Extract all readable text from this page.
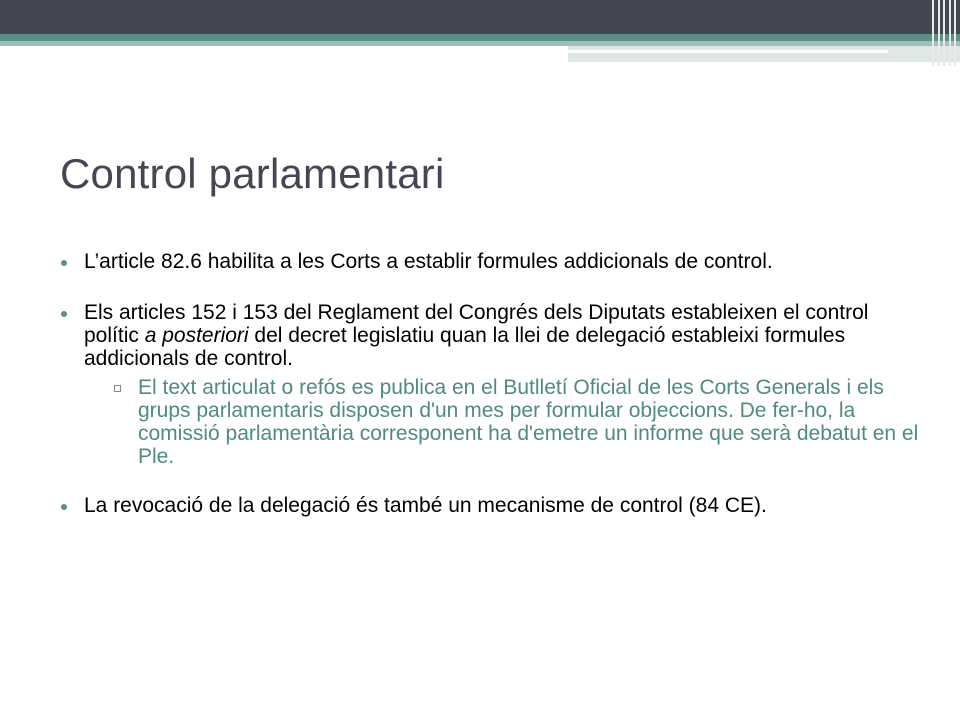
Control parlamentari
L’article 82.6 habilita a les Corts a establir formules addicionals de control.
Els articles 152 i 153 del Reglament del Congrés dels Diputats estableixen el control polític a posteriori del decret legislatiu quan la llei de delegació estableixi formules addicionals de control.
El text articulat o refós es publica en el Butlletí Oficial de les Corts Generals i els grups parlamentaris disposen d'un mes per formular objeccions. De fer-ho, la comissió parlamentària corresponent ha d'emetre un informe que serà debatut en el Ple.
La revocació de la delegació és també un mecanisme de control (84 CE).
